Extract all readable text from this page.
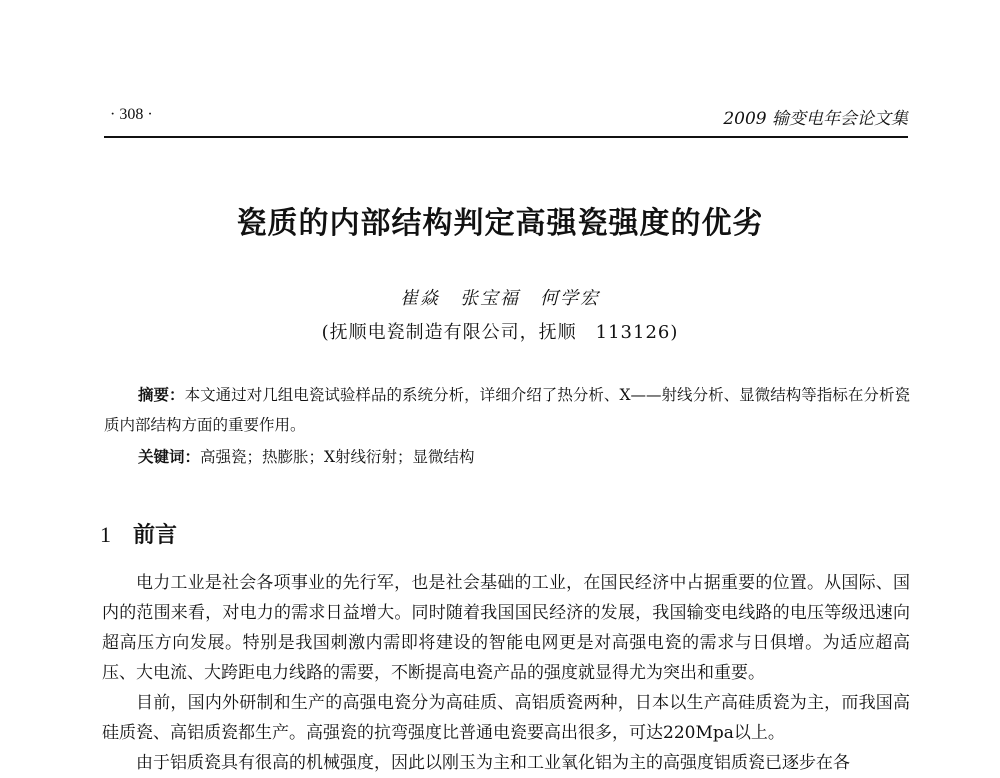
· 308 ·	2009 输变电年会论文集
瓷质的内部结构判定高强瓷强度的优劣
崔焱　张宝福　何学宏
(抚顺电瓷制造有限公司，抚顺　113126)
摘要：本文通过对几组电瓷试验样品的系统分析，详细介绍了热分析、X——射线分析、显微结构等指标在分析瓷质内部结构方面的重要作用。
关键词：高强瓷；热膨胀；X射线衍射；显微结构
1 前言

电力工业是社会各项事业的先行军，也是社会基础的工业，在国民经济中占据重要的位置。从国际、国内的范围来看，对电力的需求日益增大。同时随着我国国民经济的发展，我国输变电线路的电压等级迅速向超高压方向发展。特别是我国刺激内需即将建设的智能电网更是对高强电瓷的需求与日俱增。为适应超高压、大电流、大跨距电力线路的需要，不断提高电瓷产品的强度就显得尤为突出和重要。

目前，国内外研制和生产的高强电瓷分为高硅质、高铝质瓷两种，日本以生产高硅质瓷为主，而我国高硅质瓷、高铝质瓷都生产。高强瓷的抗弯强度比普通电瓷要高出很多，可达220Mpa以上。

由于铝质瓷具有很高的机械强度，因此以刚玉为主和工业氧化铝为主的高强度铝质瓷已逐步在各
